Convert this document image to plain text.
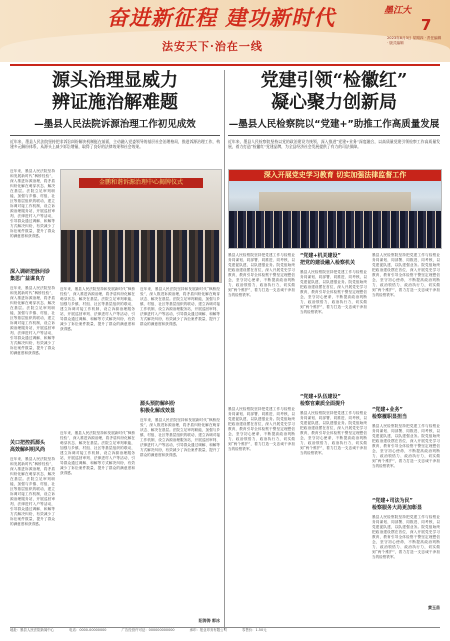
奋进新征程 建功新时代
法安天下·治在一线
墨江大
7
2023年8月3日 星期四 · 责任编辑 · 版式编辑
源头治理显威力
辨证施治解难题
—墨县人民法院诉源治理工作初见成效
近年来，墨县人民法院坚持把非诉讼纠纷解决机制挺在前面，主动融入党委领导的基层社会治理格局，推进诉源治理工作，构建多元解纷体系，从源头上减少诉讼增量，取得了良好的法律效果和社会效果。
近年来，墨县人民法院坚持和发展新时代“枫桥经验”，深入推进诉源治理，将矛盾纠纷化解在萌芽状态、解决在基层。法院立足审判职能，加强与乡镇、村组、社区等基层组织的联动，建立诉调对接工作机制，设立诉源治理服务站，开展巡回审判、法律进村入户等活动，引导群众通过调解、和解等方式解决纠纷，有效减少了诉讼案件数量，提升了群众的满意度和获得感。
深入调研把脉问诊
集思广益谋良方
近年来，墨县人民法院坚持和发展新时代“枫桥经验”，深入推进诉源治理，将矛盾纠纷化解在萌芽状态、解决在基层。法院立足审判职能，加强与乡镇、村组、社区等基层组织的联动，建立诉调对接工作机制，设立诉源治理服务站，开展巡回审判、法律进村入户等活动，引导群众通过调解、和解等方式解决纠纷，有效减少了诉讼案件数量，提升了群众的满意度和获得感。
关口把控抓源头
高效解纠明风尚
近年来，墨县人民法院坚持和发展新时代“枫桥经验”，深入推进诉源治理，将矛盾纠纷化解在萌芽状态、解决在基层。法院立足审判职能，加强与乡镇、村组、社区等基层组织的联动，建立诉调对接工作机制，设立诉源治理服务站，开展巡回审判、法律进村入户等活动，引导群众通过调解、和解等方式解决纠纷，有效减少了诉讼案件数量，提升了群众的满意度和获得感。
金鹏和谐诉源治理中心揭牌仪式
近年来，墨县人民法院坚持和发展新时代“枫桥经验”，深入推进诉源治理，将矛盾纠纷化解在萌芽状态、解决在基层。法院立足审判职能，加强与乡镇、村组、社区等基层组织的联动，建立诉调对接工作机制，设立诉源治理服务站，开展巡回审判、法律进村入户等活动，引导群众通过调解、和解等方式解决纠纷，有效减少了诉讼案件数量，提升了群众的满意度和获得感。
近年来，墨县人民法院坚持和发展新时代“枫桥经验”，深入推进诉源治理，将矛盾纠纷化解在萌芽状态、解决在基层。法院立足审判职能，加强与乡镇、村组、社区等基层组织的联动，建立诉调对接工作机制，设立诉源治理服务站，开展巡回审判、法律进村入户等活动，引导群众通过调解、和解等方式解决纠纷，有效减少了诉讼案件数量，提升了群众的满意度和获得感。
近年来，墨县人民法院坚持和发展新时代“枫桥经验”，深入推进诉源治理，将矛盾纠纷化解在萌芽状态、解决在基层。法院立足审判职能，加强与乡镇、村组、社区等基层组织的联动，建立诉调对接工作机制，设立诉源治理服务站，开展巡回审判、法律进村入户等活动，引导群众通过调解、和解等方式解决纠纷，有效减少了诉讼案件数量，提升了群众的满意度和获得感。
源头预防解纠纷
积极化解成效显
近年来，墨县人民法院坚持和发展新时代“枫桥经验”，深入推进诉源治理，将矛盾纠纷化解在萌芽状态、解决在基层。法院立足审判职能，加强与乡镇、村组、社区等基层组织的联动，建立诉调对接工作机制，设立诉源治理服务站，开展巡回审判、法律进村入户等活动，引导群众通过调解、和解等方式解决纠纷，有效减少了诉讼案件数量，提升了群众的满意度和获得感。
阳涛涛 郭冰
党建引领“检徽红”
凝心聚力创新局
—墨县人民检察院以“党建+”助推工作高质量发展
近年来，墨县人民检察院坚持以党的政治建设为统领，深入推进“党建+业务”深度融合，以高质量党建引领检察工作高质量发展，着力打造“检徽红”党建品牌，为全县经济社会发展提供了有力的司法保障。
深入开展党史学习教育 切实加强法律监督工作
墨县人民检察院坚持把党建工作与检察业务同谋划、同部署、同推进、同考核，以党建促队建，以队建强业务。院党组始终把政治建设摆在首位，深入开展党史学习教育，教育引导全体检察干警坚定理想信念，坚守初心使命，不断提高政治判断力、政治领悟力、政治执行力，切实做到“两个维护”，着力打造一支忠诚干净担当的检察铁军。
墨县人民检察院坚持把党建工作与检察业务同谋划、同部署、同推进、同考核，以党建促队建，以队建强业务。院党组始终把政治建设摆在首位，深入开展党史学习教育，教育引导全体检察干警坚定理想信念，坚守初心使命，不断提高政治判断力、政治领悟力、政治执行力，切实做到“两个维护”，着力打造一支忠诚干净担当的检察铁军。
“党建+机关建设”
把党的建设融入检察机关
墨县人民检察院坚持把党建工作与检察业务同谋划、同部署、同推进、同考核，以党建促队建，以队建强业务。院党组始终把政治建设摆在首位，深入开展党史学习教育，教育引导全体检察干警坚定理想信念，坚守初心使命，不断提高政治判断力、政治领悟力、政治执行力，切实做到“两个维护”，着力打造一支忠诚干净担当的检察铁军。
“党建+队伍建设”
检察官素质全面提升
墨县人民检察院坚持把党建工作与检察业务同谋划、同部署、同推进、同考核，以党建促队建，以队建强业务。院党组始终把政治建设摆在首位，深入开展党史学习教育，教育引导全体检察干警坚定理想信念，坚守初心使命，不断提高政治判断力、政治领悟力、政治执行力，切实做到“两个维护”，着力打造一支忠诚干净担当的检察铁军。
墨县人民检察院坚持把党建工作与检察业务同谋划、同部署、同推进、同考核，以党建促队建，以队建强业务。院党组始终把政治建设摆在首位，深入开展党史学习教育，教育引导全体检察干警坚定理想信念，坚守初心使命，不断提高政治判断力、政治领悟力、政治执行力，切实做到“两个维护”，着力打造一支忠诚干净担当的检察铁军。
“党建+业务”
检察履职显担当
墨县人民检察院坚持把党建工作与检察业务同谋划、同部署、同推进、同考核，以党建促队建，以队建强业务。院党组始终把政治建设摆在首位，深入开展党史学习教育，教育引导全体检察干警坚定理想信念，坚守初心使命，不断提高政治判断力、政治领悟力、政治执行力，切实做到“两个维护”，着力打造一支忠诚干净担当的检察铁军。
“党建+司法为民”
检察服务大局更加彰显
墨县人民检察院坚持把党建工作与检察业务同谋划、同部署、同推进、同考核，以党建促队建，以队建强业务。院党组始终把政治建设摆在首位，深入开展党史学习教育，教育引导全体检察干警坚定理想信念，坚守初心使命，不断提高政治判断力、政治领悟力、政治执行力，切实做到“两个维护”，着力打造一支忠诚干净担当的检察铁军。
黄玉苗
地址：墨县人民法院新闻中心	电话：0000-00000000	广告经营许可证：000000000000	承印：报业印务有限公司	零售价：1.50元
